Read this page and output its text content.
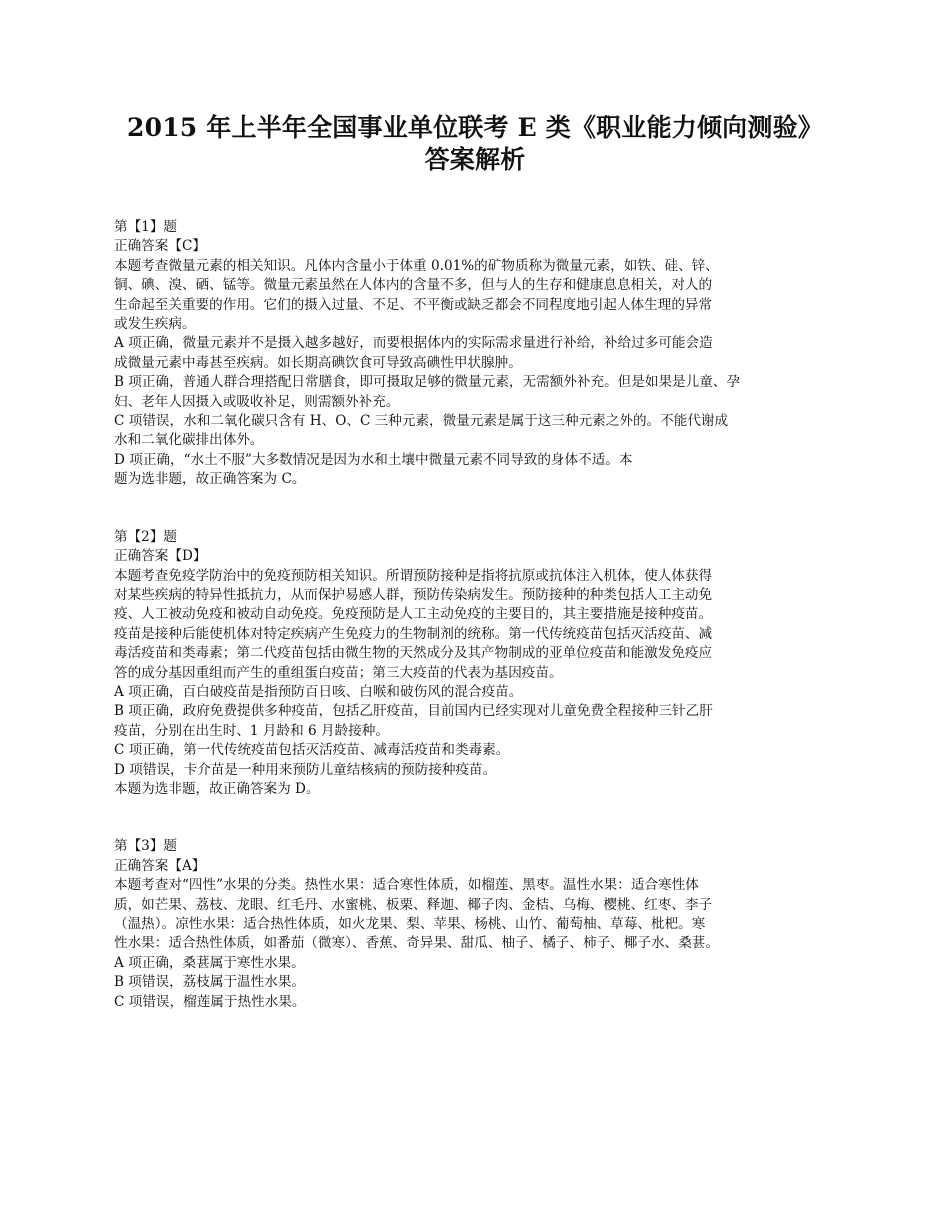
2015 年上半年全国事业单位联考 E 类《职业能力倾向测验》
答案解析
第【1】题
正确答案【C】
本题考查微量元素的相关知识。凡体内含量小于体重 0.01%的矿物质称为微量元素，如铁、硅、锌、
铜、碘、溴、硒、锰等。微量元素虽然在人体内的含量不多，但与人的生存和健康息息相关，对人的
生命起至关重要的作用。它们的摄入过量、不足、不平衡或缺乏都会不同程度地引起人体生理的异常
或发生疾病。
A 项正确，微量元素并不是摄入越多越好，而要根据体内的实际需求量进行补给，补给过多可能会造
成微量元素中毒甚至疾病。如长期高碘饮食可导致高碘性甲状腺肿。
B 项正确，普通人群合理搭配日常膳食，即可摄取足够的微量元素，无需额外补充。但是如果是儿童、孕
妇、老年人因摄入或吸收补足，则需额外补充。
C 项错误，水和二氧化碳只含有 H、O、C 三种元素，微量元素是属于这三种元素之外的。不能代谢成
水和二氧化碳排出体外。
D 项正确，“水土不服”大多数情况是因为水和土壤中微量元素不同导致的身体不适。本
题为选非题，故正确答案为 C。
第【2】题
正确答案【D】
本题考查免疫学防治中的免疫预防相关知识。所谓预防接种是指将抗原或抗体注入机体，使人体获得
对某些疾病的特异性抵抗力，从而保护易感人群，预防传染病发生。预防接种的种类包括人工主动免
疫、人工被动免疫和被动自动免疫。免疫预防是人工主动免疫的主要目的，其主要措施是接种疫苗。
疫苗是接种后能使机体对特定疾病产生免疫力的生物制剂的统称。第一代传统疫苗包括灭活疫苗、减
毒活疫苗和类毒素；第二代疫苗包括由微生物的天然成分及其产物制成的亚单位疫苗和能激发免疫应
答的成分基因重组而产生的重组蛋白疫苗；第三大疫苗的代表为基因疫苗。
A 项正确，百白破疫苗是指预防百日咳、白喉和破伤风的混合疫苗。
B 项正确，政府免费提供多种疫苗，包括乙肝疫苗，目前国内已经实现对儿童免费全程接种三针乙肝
疫苗，分别在出生时、1 月龄和 6 月龄接种。
C 项正确，第一代传统疫苗包括灭活疫苗、减毒活疫苗和类毒素。
D 项错误，卡介苗是一种用来预防儿童结核病的预防接种疫苗。
本题为选非题，故正确答案为 D。
第【3】题
正确答案【A】
本题考查对“四性”水果的分类。热性水果：适合寒性体质，如榴莲、黑枣。温性水果：适合寒性体
质，如芒果、荔枝、龙眼、红毛丹、水蜜桃、板栗、释迦、椰子肉、金桔、乌梅、樱桃、红枣、李子
（温热）。凉性水果：适合热性体质，如火龙果、梨、苹果、杨桃、山竹、葡萄柚、草莓、枇杷。寒
性水果：适合热性体质，如番茄（微寒）、香蕉、奇异果、甜瓜、柚子、橘子、柿子、椰子水、桑葚。
A 项正确，桑葚属于寒性水果。
B 项错误，荔枝属于温性水果。
C 项错误，榴莲属于热性水果。
